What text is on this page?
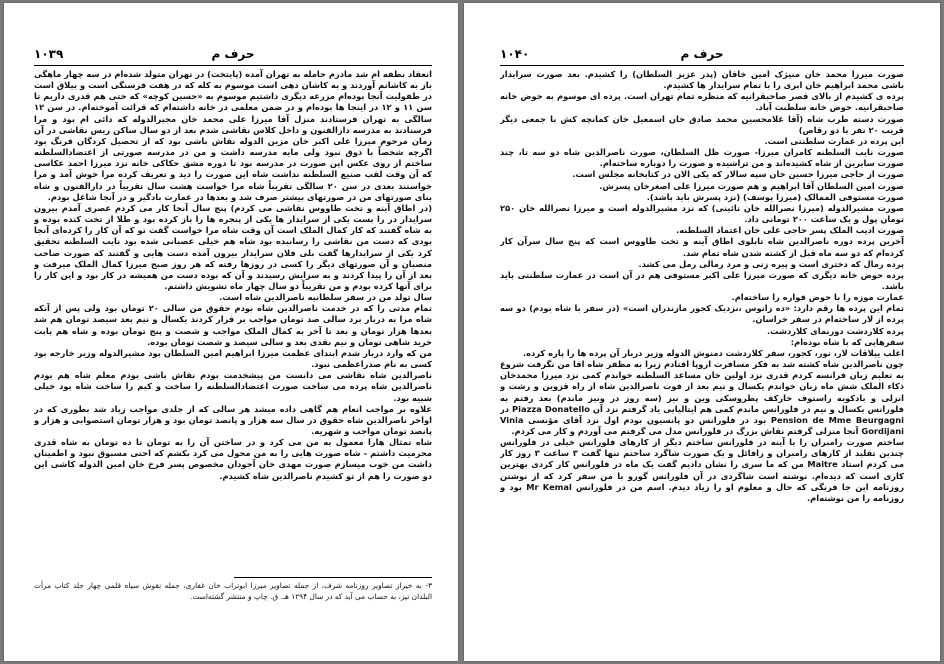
۱۰۳۹	حرف م

انعقاد نطفه ام شد مادرم حامله به تهران آمده (پایتخت) در تهران متولد شده‌ام در سه چهار ماهگی باز به کاشانم آوردند و به کاشان دهی است موسوم به کله که در هفت فرسنگی است و ییلاق است در طفولیت آنجا بوده‌ام مزرعه دیگری داشتیم موسوم به «حسین کوچه» که حتی هم قدری داریم تا سن ۱۱ و ۱۲ در اینجا ها بوده‌ام و در ضمن معلمی در خانه داشته‌ام که قرائت آموخته‌ام. در سن ۱۲ سالگی به تهران فرستادند منزل آقا میرزا علی محمد خان مجیرالدوله که دائی ام بود و مرا فرستادند به مدرسه دارالفنون و داخل کلاس نقاشی شدم بعد از دو سال ساکن ریس نقاشی در آن زمان مرحوم میرزا علی اکبر خان مزین الدوله نقاش باشی بود که از تحصیل کردگان فرنگ بود اگرچه شخصاً با ذوق نبود ولی مایه مدرسه داشت و من در مدرسه صورتی از اعتضادالسلطنه ساختم از روی عکس این صورت در مدرسه بود تا دوره مشق حکاکی خانه نزد میرزا احمد عکاسی که آن وقت لقب صنیع السلطنه نداشت شاه این صورت را دید و تعریف کرده مرا خوش آمد و مرا خواستند بعدی در سن ۲۰ سالگی تقریباً شاه مرا خواست هشت سال تقریباً در دارالفنون و شاه بنای صورتهای من در صورتهای بیشتر صرف شد و بعدها در عمارت بادگیر و در آنجا شاغل بودم.

(در اطاق آینه و تخت طاووس نقاشی می کردم) پنج سال آنجا کار می کردم عصری آمدم بیرون سرایدار در را بست یکی از سرایدار ها یکی از پنجره ها را باز کرده بود و طلا از تخت کنده بوده و به شاه گفتند که کار کمال الملک است آن وقت شاه مرا خواست گفت تو که آن کار را کرده‌ای آنجا بودی که دست من نقاشی را رسانیده بود شاه هم خیلی عصبانی شده بود نایب السلطنه تحقیق کرد یکی از سرایدارها گفت بلی فلان سرایدار بیرون آمده دست هایی و گفتند که صورت صاحب منصبان و آن صورتهای دیگر را کسی در روزها رفته که هر روز صبح میرزا کمال الملک میرفت و بعد از آن را پیدا کردند و به سزایش رسیدند و آن که بوده دست من همیشه در کار بود و این کار را برای آنها کرده بودم و من تقریباً دو سال چهار ماه تشویش داشتم.

سال تولد من در سفر سلطانیه ناصرالدین شاه است.

تمام مدتی را که در خدمت ناصرالدین شاه بودم حقوق من سالی ۲۰ تومان بود ولی پس از آنکه شاه مرا به دربار برد سالی صد تومان مواجب بر قرار کردند یکسال و نیم بعد سیصد تومان هم شد بعدها هزار تومان و بعد تا آخر به کمال الملک مواجب و شصت و پنج تومان بوده و شاه هم بابت خرید شاهی تومان و نیم نقدی بعد و سالی سیصد و شصت تومان بوده.

من که وارد دربار شدم ابتدای عظمت میرزا ابراهیم امین السلطان بود مشیرالدوله وزیر خارجه بود کسی به نام صدراعظمی نبود.

ناصرالدین شاه نقاشی می دانست من پیشخدمت بودم نقاش باشی بودم معلم شاه هم بودم ناصرالدین شاه پرده می ساخت صورت اعتضادالسلطنه را ساخت و کیم را ساخت شاه بود خیلی شبیه بود.

علاوه بر مواجب انعام هم گاهی داده میشد هر سالی که از جلدی مواجب زیاد شد بطوری که در اواخر ناصرالدین شاه حقوق در سال سه هزار و پانصد تومان بود و هزار تومان استصوابی و هزار و پانصد تومان مواجب و شهریه.

شاه تمثال هارا معمول به من می کرد و در ساختن آن را به تومان تا ده تومان به شاه قدری محرمیت داشتم - شاه صورت هایی را به من محول می کرد بکشم که احتی مسبوق نبود و اطمینان داشت من خوب میسازم صورت مهدی خان آجودان مخصوص پسر فرخ خان امین الدوله کاشی این دو صورت را هم از تو کشیدم ناصرالدین شاه کشیدم.

۳- به خیراز تصاویر روزنامه شرف، از جمله تصاویر میرزا ابوتراب خان غفاری، جمله نقوش سیاه قلمی چهار جلد کتاب مرأت البلدان نیز، به حساب می آید که در سال ۱۲۹۴ هـ. ق. چاپ و منتشر گشته‌است.
۱۰۴۰	حرف م

صورت میرزا محمد خان منیژک امین خاقان (پدر عزیز السلطان) را کشیدم. بعد صورت سرایدار باشی محمد ابراهیم خان ابری را با تمام سرایدار ها کشیدم.

پرده ی کشیدم از بالای قصر صاحبقرانیه که منظره تمام تهران است. پرده ای موسوم به حوض خانه صاحبقرانیه. حوض خانه سلطنت آباد.

صورت دسته طرب شاه (آقا غلامحسین محمد صادق خان اسمعیل خان کمانچه کش با جمعی دیگر قریب ۲۰ نفر با دو رقاص)

این پرده در عمارت سلطنتی است.

صورت نایب السلطنه کامران میرزا- صورت ظل السلطان، صورت ناصرالدین شاه دو سه تا، چند صورت سایرین از شاه کشیده‌اند و من تراشیده و صورت را دوباره ساخته‌ام.

صورت از حاجی میرزا حسین خان سپه سالار که یکی الان در کتابخانه مجلس است.

صورت امین السلطان آقا ابراهیم و هم صورت میرزا علی اصغرخان پسرش.

صورت مستوفی الممالک (میرزا یوسف) (نزد پسرش باید باشد).

صورت مشیرالدوله (میرزا نصرالله خان نائینی) که نزد مشیرالدوله است و میرزا نصرالله خان ۲۵۰ تومان پول و یک ساعت ۲۰۰ تومانی داد.

صورت ادیب الملک پسر حاجی علی خان اعتماد السلطنه.

آخرین پرده دوره ناصرالدین شاه تابلوی اطاق آینه و تخت طاووس است که پنج سال سرآن کار کرده‌ام که دو سه ماه قبل از کشته شدن شاه تمام شد.

پرده رمال که دختری است و پیره زنی و مرد رمالی رمل می کشد.

پرده حوض خانه دیگری که صورت میرزا علی اکبر مستوفی هم در آن است در عمارت سلطنتی باید باشد.

عمارت موزه را با حوض فواره را ساخته‌ام.

تمام این پرده ها رقم دارد: «ده زانوس ،نزدیک کجور مازندران است» (در سفر با شاه بودم) دو سه پرده از لار ساخته‌ام در سفر خراسان.

پرده کلاردشت دورنمای کلاردشت.

سفرهایی که با شاه بوده‌ام:

اغلب ییلاقات لار، نور، کجور، سفر کلاردشت دمنوش الدوله وزیر دربار آن پرده ها را پاره کرده.

چون ناصرالدین شاه کشته شد به فکر مسافرت اروپا افتادم زیرا به مظفر شاه اقا من نگرفت شروع به تعلیم زبان فرانسه کردم قدری نزد اولین خان مساعد السلطنه خواندم کمی نزد میرزا محمدخان ذکاء الملک شش ماه زبان خواندم یکسال و نیم بعد از فوت ناصرالدین شاه از راه قزوین و رشت و انزلی و بادکوبه راستوف خارکف پطروسکی وین و نیز (سه روز در ونیز ماندم) بعد رفتم به فلورانس یکسال و نیم در فلورانس ماندم کمی هم ایتالیایی یاد گرفتم نزد آن Piazza Donatello در Pension de Mme Beurgagni بود در فلورانس دو پانسیون بودم اول نزد آقای مؤنسی Vinia Gordijani آنجا منزلی گرفتم نقاش بزرگ در فلورانس مدل می گرفتم می آوردم و کار می کردم.

ساختم صورت رامبران را با آینه در فلورانس ساختم دیگر از کارهای فلورانس خیلی در فلورانس چندین تقلید از کارهای رامبران و رافائل و یک صورت شاگرد ساختم تنها گفت ۳ ساعت ۳ روز کار می کردم استاد Maitre من که ما سری را نشان دادیم گفت یک ماه در فلورانس کار کردی بهترین کاری است که دیده‌ام. نوشته است شاگردی در آن فلورانس گورو با من سفر کرد که از نوشتن روزنامه این جا فرنگی که حال و معلوم او را زیاد دیدم. اسم من در فلورانس Mr Kemal بود و روزنامه را من نوشته‌ام.
